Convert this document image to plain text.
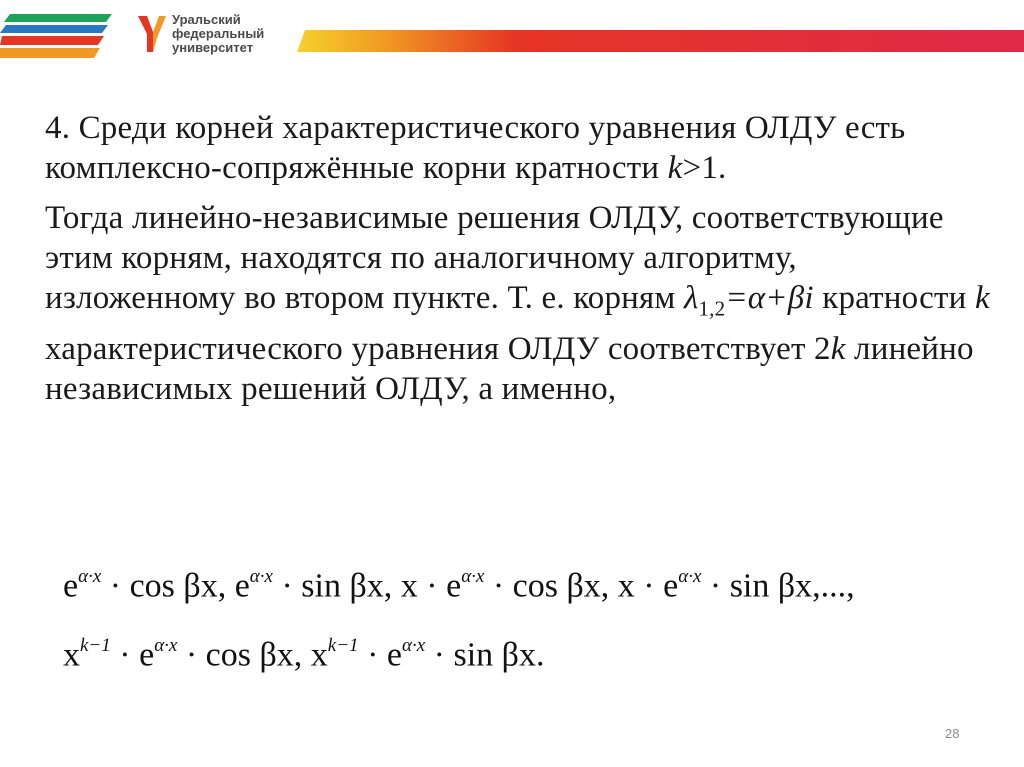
Уральский
федеральный
университет

4. Среди корней характеристического уравнения ОЛДУ есть комплексно-сопряжённые корни кратности k>1.

Тогда линейно-независимые решения ОЛДУ, соответствующие этим корням, находятся по аналогичному алгоритму, изложенному во втором пункте. Т. е. корням $\lambda_{1,2}=\alpha+\beta i$ кратности k характеристического уравнения ОЛДУ соответствует 2k линейно независимых решений ОЛДУ, а именно,

$e^{\alpha\cdot x} \cdot \cos \beta x$, $e^{\alpha\cdot x} \cdot \sin \beta x$, $x \cdot e^{\alpha\cdot x} \cdot \cos \beta x$, $x \cdot e^{\alpha\cdot x} \cdot \sin \beta x$,...,
$x^{k-1} \cdot e^{\alpha\cdot x} \cdot \cos \beta x$, $x^{k-1} \cdot e^{\alpha\cdot x} \cdot \sin \beta x$.
28
